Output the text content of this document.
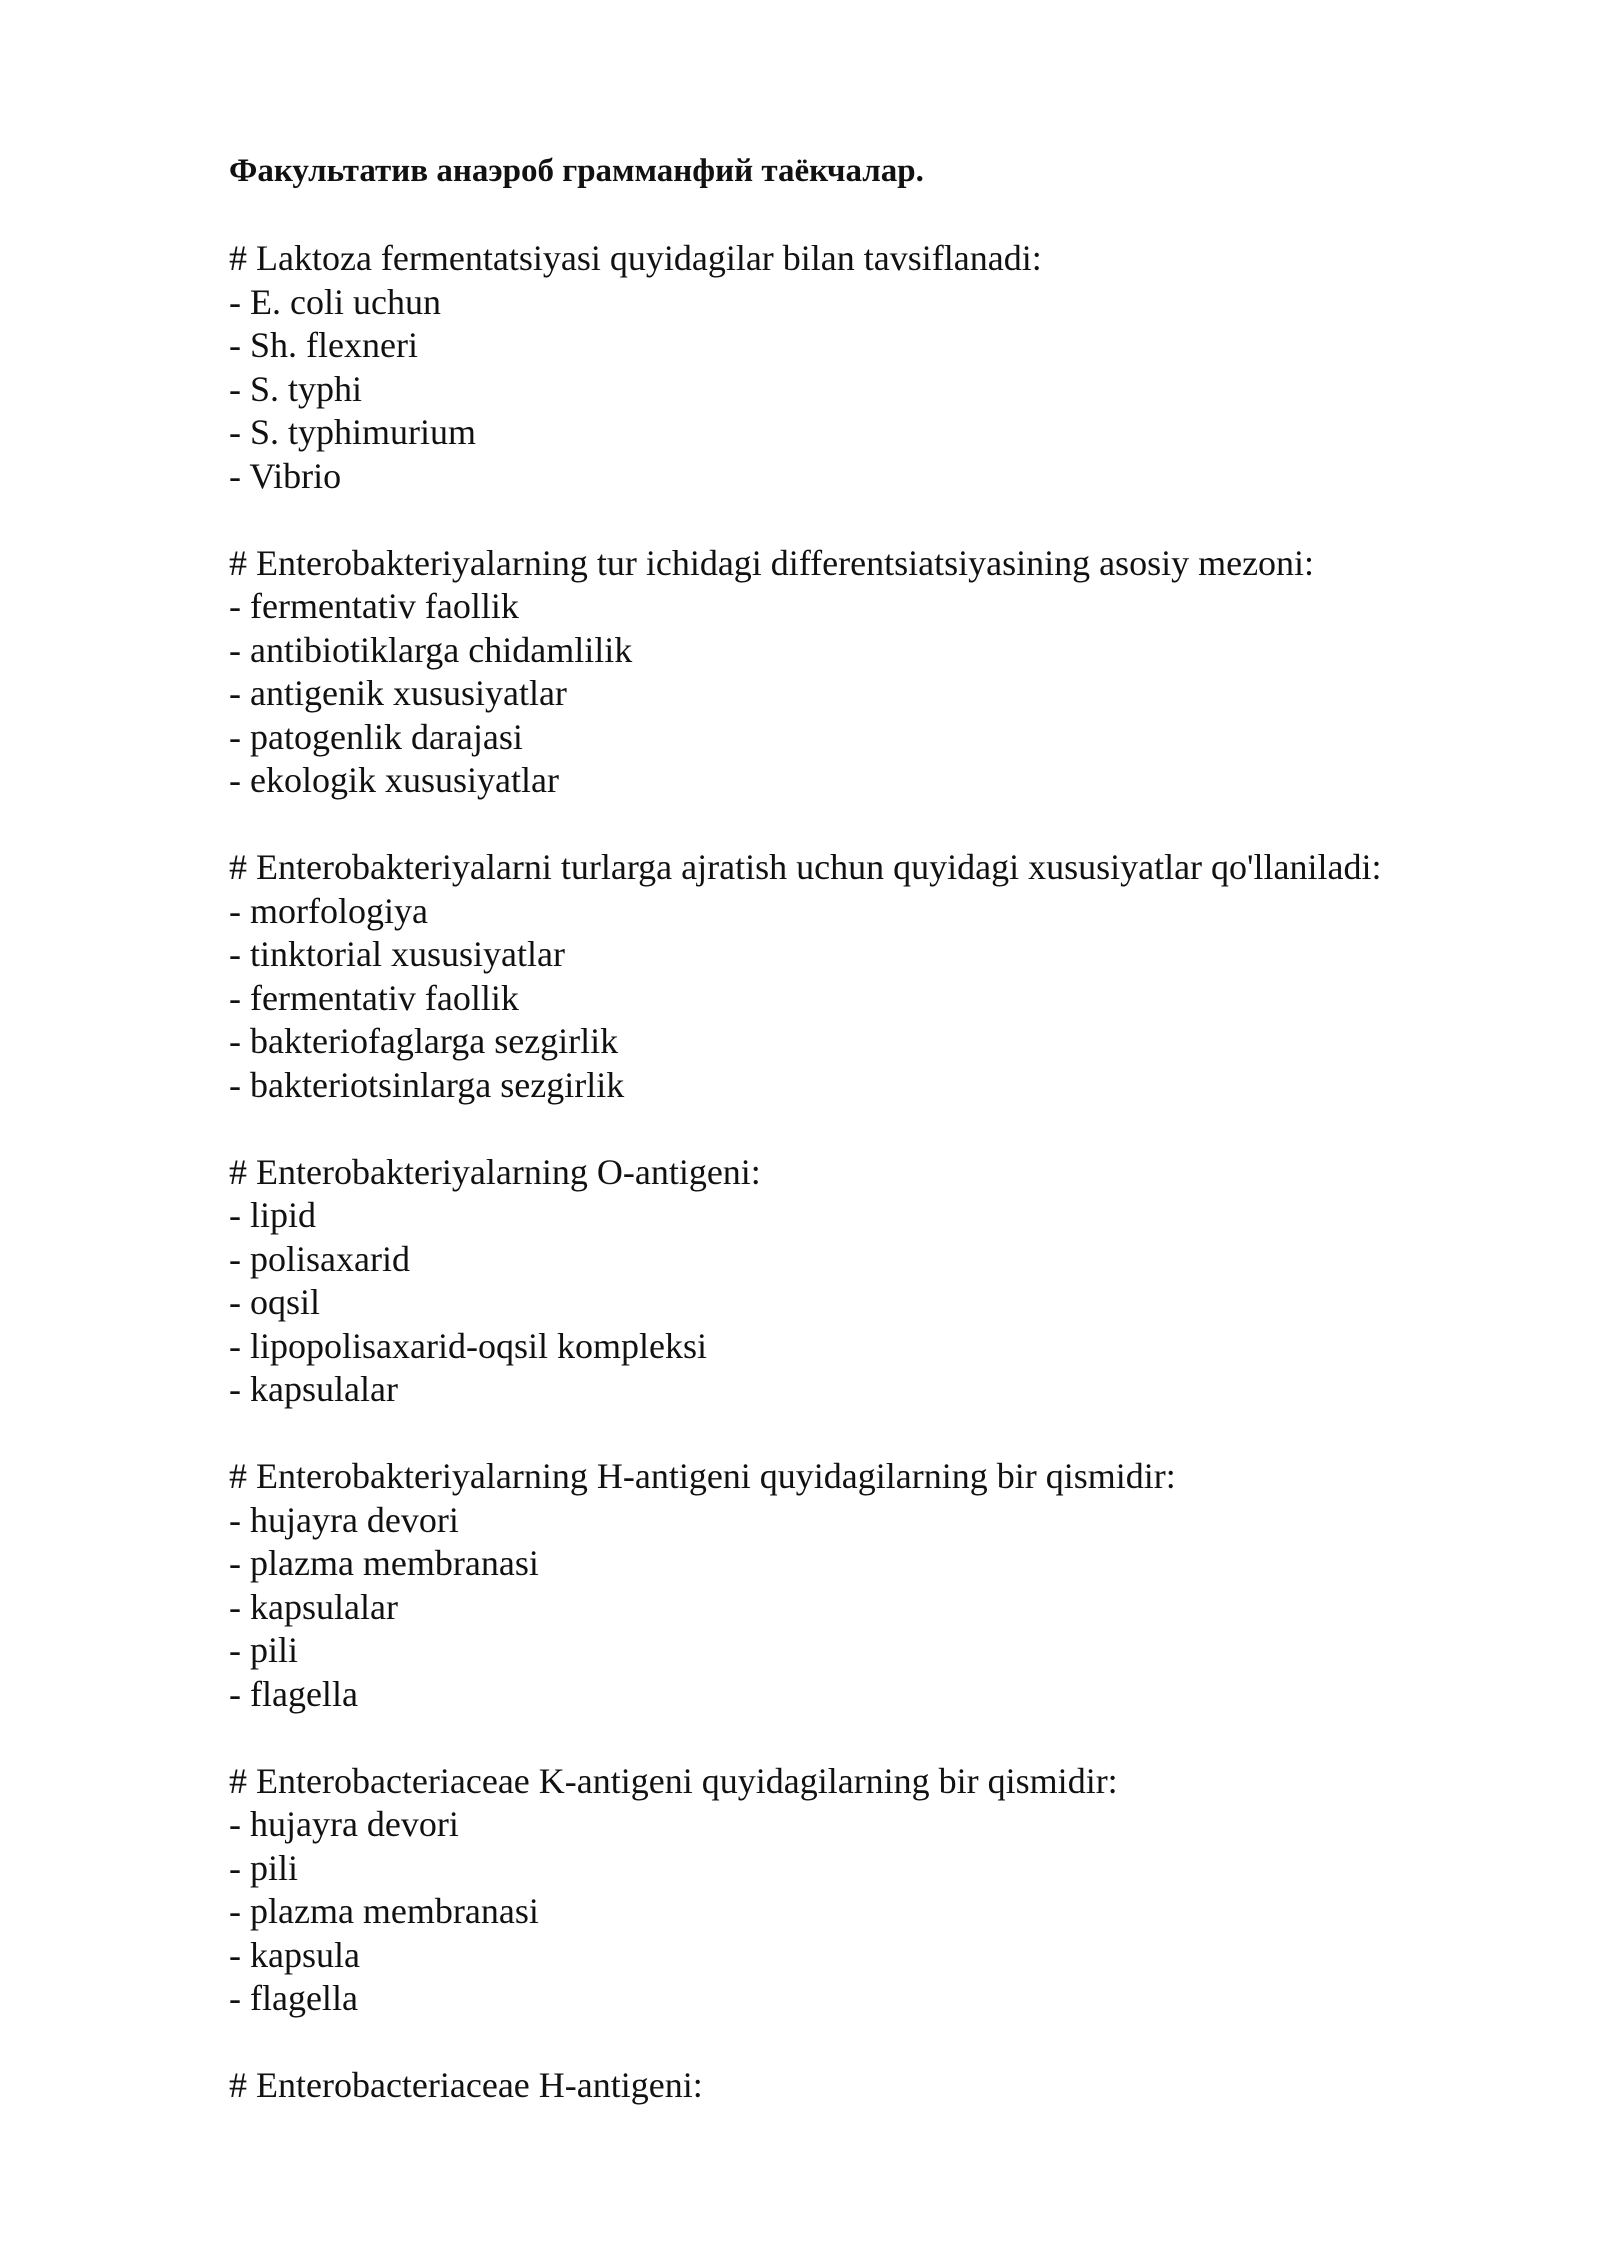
Факультатив анаэроб грамманфий таёкчалар.
# Laktoza fermentatsiyasi quyidagilar bilan tavsiflanadi:
- E. coli uchun
- Sh. flexneri
- S. typhi
- S. typhimurium
- Vibrio
# Enterobakteriyalarning tur ichidagi differentsiatsiyasining asosiy mezoni:
- fermentativ faollik
- antibiotiklarga chidamlilik
- antigenik xususiyatlar
- patogenlik darajasi
- ekologik xususiyatlar
# Enterobakteriyalarni turlarga ajratish uchun quyidagi xususiyatlar qo'llaniladi:
- morfologiya
- tinktorial xususiyatlar
- fermentativ faollik
- bakteriofaglarga sezgirlik
- bakteriotsinlarga sezgirlik
# Enterobakteriyalarning O-antigeni:
- lipid
- polisaxarid
- oqsil
- lipopolisaxarid-oqsil kompleksi
- kapsulalar
# Enterobakteriyalarning H-antigeni quyidagilarning bir qismidir:
- hujayra devori
- plazma membranasi
- kapsulalar
- pili
- flagella
# Enterobacteriaceae K-antigeni quyidagilarning bir qismidir:
- hujayra devori
- pili
- plazma membranasi
- kapsula
- flagella
# Enterobacteriaceae H-antigeni:
